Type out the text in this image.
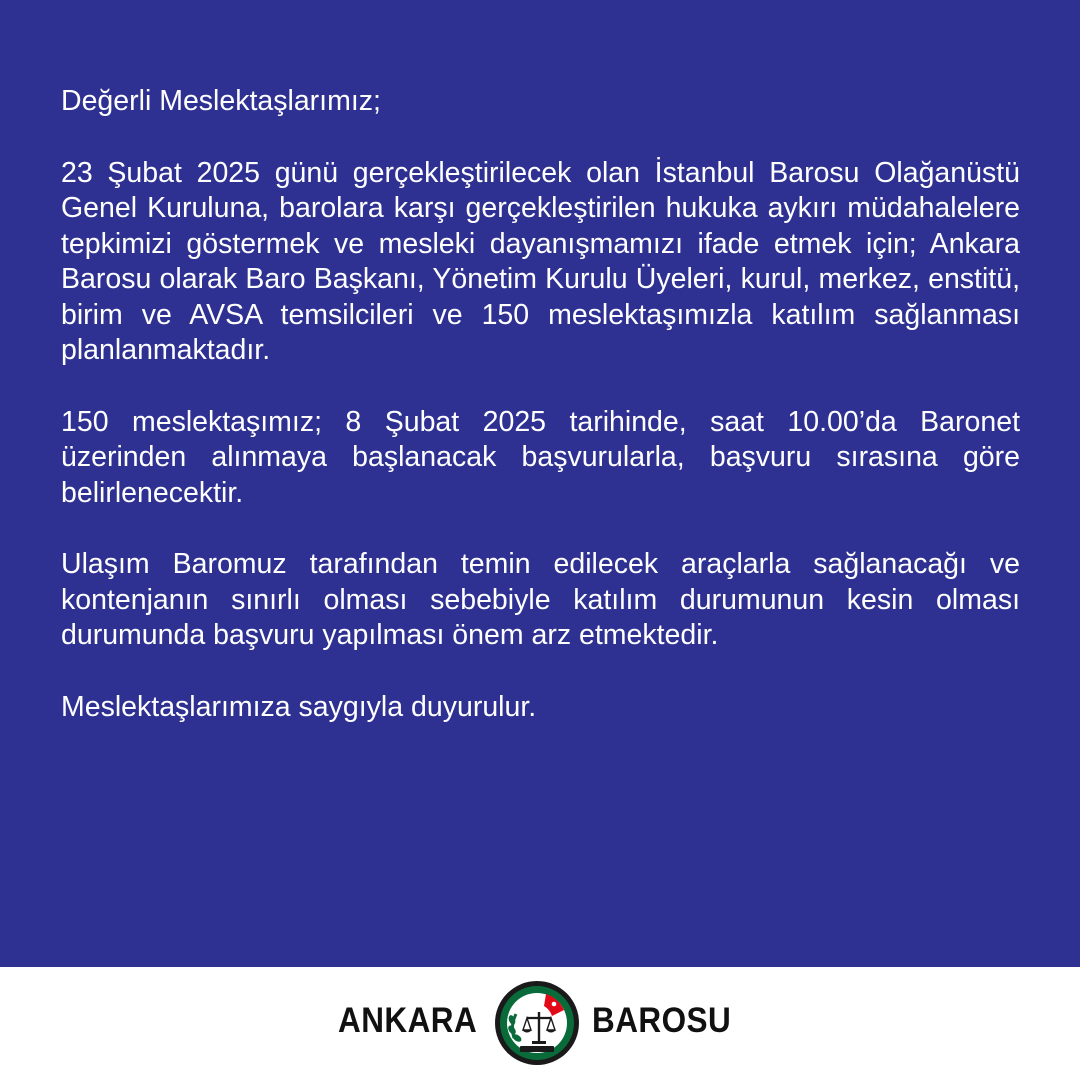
Değerli Meslektaşlarımız;

23 Şubat 2025 günü gerçekleştirilecek olan İstanbul Barosu Olağanüstü Genel Kuruluna, barolara karşı gerçekleştirilen hukuka aykırı müdahalelere tepkimizi göstermek ve mesleki dayanışmamızı ifade etmek için; Ankara Barosu olarak Baro Başkanı, Yönetim Kurulu Üyeleri, kurul, merkez, enstitü, birim ve AVSA temsilcileri ve 150 meslektaşımızla katılım sağlanması planlanmaktadır.

150 meslektaşımız; 8 Şubat 2025 tarihinde, saat 10.00’da Baronet üzerinden alınmaya başlanacak başvurularla, başvuru sırasına göre belirlenecektir.

Ulaşım Baromuz tarafından temin edilecek araçlarla sağlanacağı ve kontenjanın sınırlı olması sebebiyle katılım durumunun kesin olması durumunda başvuru yapılması önem arz etmektedir.

Meslektaşlarımıza saygıyla duyurulur.

ANKARA	BAROSU
